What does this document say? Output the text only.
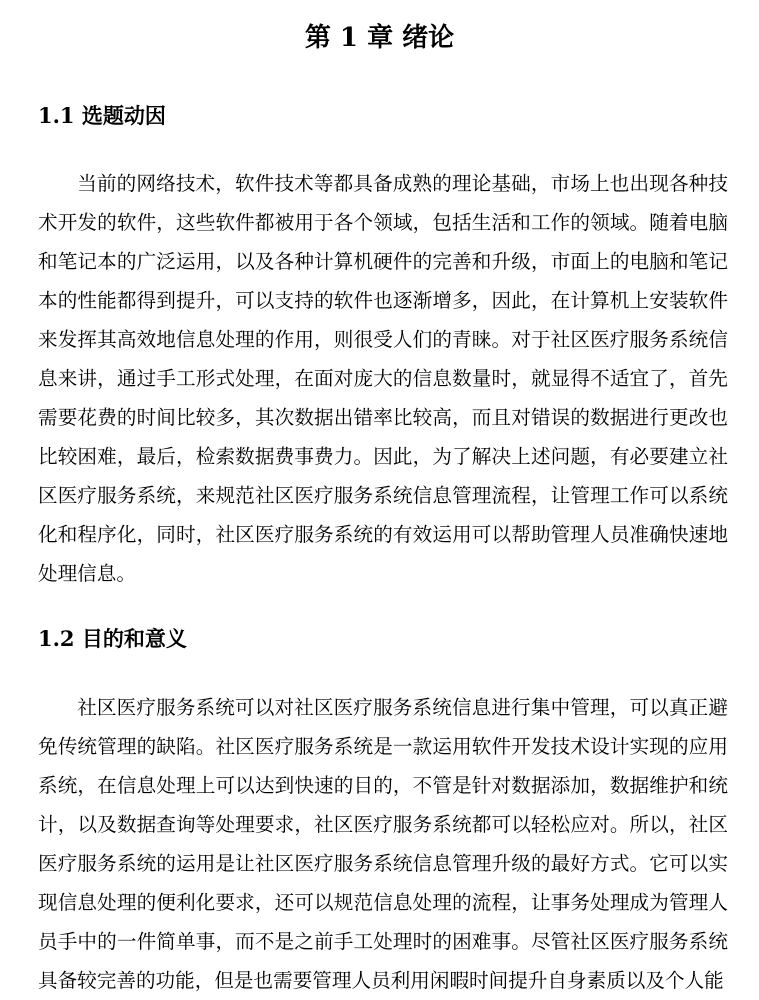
第 1 章 绪论
1.1 选题动因

当前的网络技术，软件技术等都具备成熟的理论基础，市场上也出现各种技术开发的软件，这些软件都被用于各个领域，包括生活和工作的领域。随着电脑和笔记本的广泛运用，以及各种计算机硬件的完善和升级，市面上的电脑和笔记本的性能都得到提升，可以支持的软件也逐渐增多，因此，在计算机上安装软件来发挥其高效地信息处理的作用，则很受人们的青睐。对于社区医疗服务系统信息来讲，通过手工形式处理，在面对庞大的信息数量时，就显得不适宜了，首先需要花费的时间比较多，其次数据出错率比较高，而且对错误的数据进行更改也比较困难，最后，检索数据费事费力。因此，为了解决上述问题，有必要建立社区医疗服务系统，来规范社区医疗服务系统信息管理流程，让管理工作可以系统化和程序化，同时，社区医疗服务系统的有效运用可以帮助管理人员准确快速地处理信息。

1.2 目的和意义

社区医疗服务系统可以对社区医疗服务系统信息进行集中管理，可以真正避免传统管理的缺陷。社区医疗服务系统是一款运用软件开发技术设计实现的应用系统，在信息处理上可以达到快速的目的，不管是针对数据添加，数据维护和统计，以及数据查询等处理要求，社区医疗服务系统都可以轻松应对。所以，社区医疗服务系统的运用是让社区医疗服务系统信息管理升级的最好方式。它可以实现信息处理的便利化要求，还可以规范信息处理的流程，让事务处理成为管理人员手中的一件简单事，而不是之前手工处理时的困难事。尽管社区医疗服务系统具备较完善的功能，但是也需要管理人员利用闲暇时间提升自身素质以及个人能
